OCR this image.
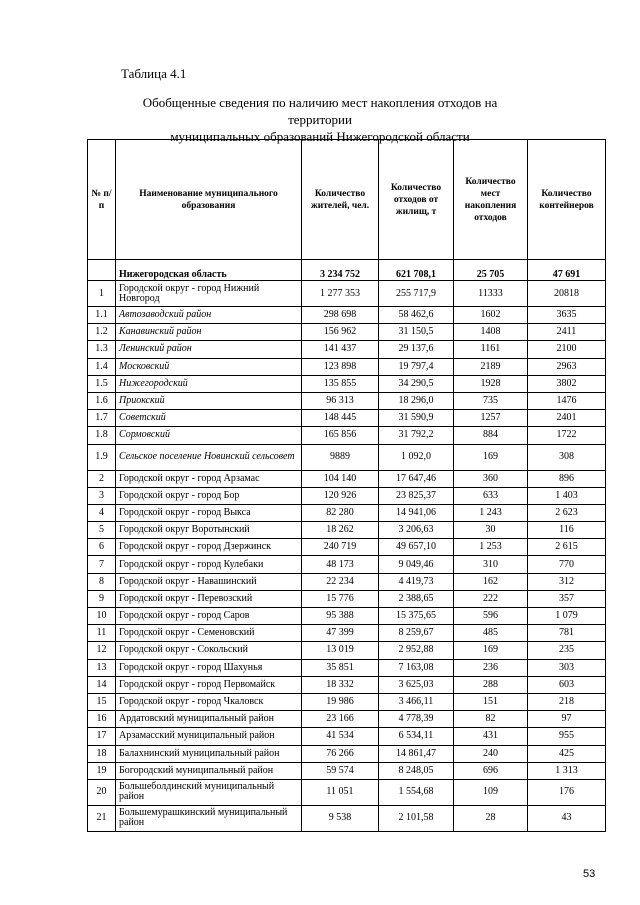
Таблица 4.1
Обобщенные сведения по наличию мест накопления отходов на территории
муниципальных образований Нижегородской области
№ п/п	Наименование муниципального образования	Количество жителей, чел.	Количество отходов от жилищ, т	Количество мест накопления отходов	Количество контейнеров
	Нижегородская область	3 234 752	621 708,1	25 705	47 691
1	Городской округ - город Нижний Новгород	1 277 353	255 717,9	11333	20818
1.1	Автозаводский район	298 698	58 462,6	1602	3635
1.2	Канавинский район	156 962	31 150,5	1408	2411
1.3	Ленинский район	141 437	29 137,6	1161	2100
1.4	Московский	123 898	19 797,4	2189	2963
1.5	Нижегородский	135 855	34 290,5	1928	3802
1.6	Приокский	96 313	18 296,0	735	1476
1.7	Советский	148 445	31 590,9	1257	2401
1.8	Сормовский	165 856	31 792,2	884	1722
1.9	Сельское поселение Новинский сельсовет	9889	1 092,0	169	308
2	Городской округ - город Арзамас	104 140	17 647,46	360	896
3	Городской округ - город Бор	120 926	23 825,37	633	1 403
4	Городской округ - город Выкса	82 280	14 941,06	1 243	2 623
5	Городской округ Воротынский	18 262	3 206,63	30	116
6	Городской округ - город Дзержинск	240 719	49 657,10	1 253	2 615
7	Городской округ - город Кулебаки	48 173	9 049,46	310	770
8	Городской округ - Навашинский	22 234	4 419,73	162	312
9	Городской округ - Перевозский	15 776	2 388,65	222	357
10	Городской округ - город Саров	95 388	15 375,65	596	1 079
11	Городской округ - Семеновский	47 399	8 259,67	485	781
12	Городской округ - Сокольский	13 019	2 952,88	169	235
13	Городской округ - город Шахунья	35 851	7 163,08	236	303
14	Городской округ - город Первомайск	18 332	3 625,03	288	603
15	Городской округ - город Чкаловск	19 986	3 466,11	151	218
16	Ардатовский муниципальный район	23 166	4 778,39	82	97
17	Арзамасский муниципальный район	41 534	6 534,11	431	955
18	Балахнинский муниципальный район	76 266	14 861,47	240	425
19	Богородский муниципальный район	59 574	8 248,05	696	1 313
20	Большеболдинский муниципальный район	11 051	1 554,68	109	176
21	Большемурашкинский муниципальный район	9 538	2 101,58	28	43
53
